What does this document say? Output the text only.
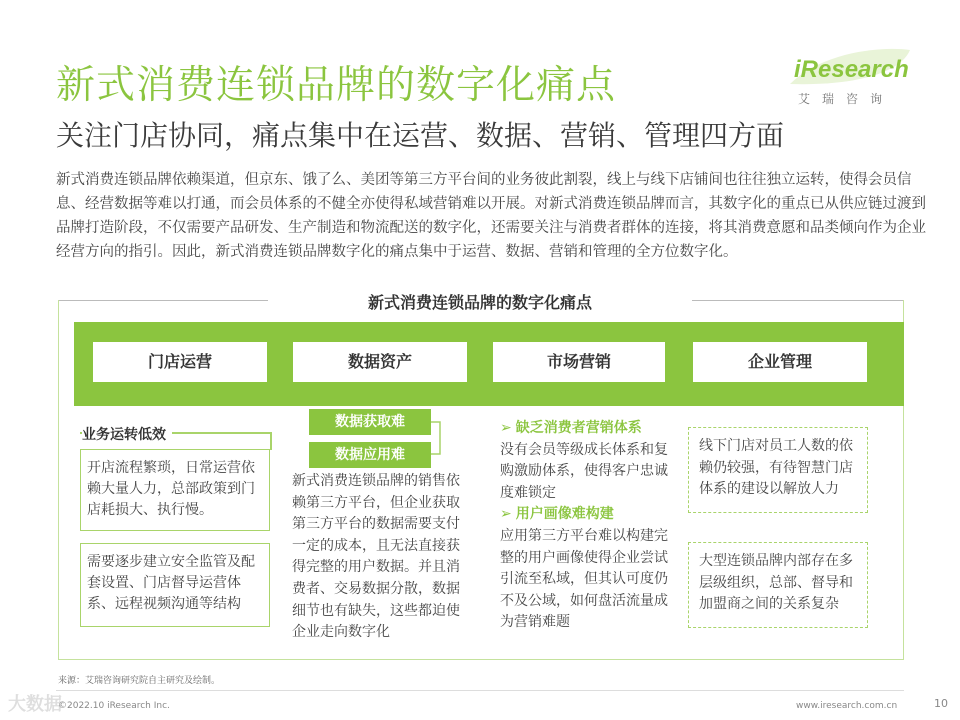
新式消费连锁品牌的数字化痛点
关注门店协同，痛点集中在运营、数据、营销、管理四方面
iResearch
艾瑞咨询
新式消费连锁品牌依赖渠道，但京东、饿了么、美团等第三方平台间的业务彼此割裂，线上与线下店铺间也往往独立运转，使得会员信息、经营数据等难以打通，而会员体系的不健全亦使得私域营销难以开展。对新式消费连锁品牌而言，其数字化的重点已从供应链过渡到品牌打造阶段，不仅需要产品研发、生产制造和物流配送的数字化，还需要关注与消费者群体的连接，将其消费意愿和品类倾向作为企业经营方向的指引。因此，新式消费连锁品牌数字化的痛点集中于运营、数据、营销和管理的全方位数字化。
新式消费连锁品牌的数字化痛点
门店运营	数据资产	市场营销	企业管理
业务运转低效
开店流程繁琐，日常运营依赖大量人力，总部政策到门店耗损大、执行慢。
需要逐步建立安全监管及配套设置、门店督导运营体系、远程视频沟通等结构
数据获取难
数据应用难
新式消费连锁品牌的销售依赖第三方平台，但企业获取第三方平台的数据需要支付一定的成本，且无法直接获得完整的用户数据。并且消费者、交易数据分散，数据细节也有缺失，这些都迫使企业走向数字化
➢ 缺乏消费者营销体系
没有会员等级成长体系和复购激励体系，使得客户忠诚度难锁定
➢ 用户画像难构建
应用第三方平台难以构建完整的用户画像使得企业尝试引流至私域，但其认可度仍不及公域，如何盘活流量成为营销难题
线下门店对员工人数的依赖仍较强，有待智慧门店体系的建设以解放人力
大型连锁品牌内部存在多层级组织，总部、督导和加盟商之间的关系复杂
来源：艾瑞咨询研究院自主研究及绘制。
大数据
©2022.10 iResearch Inc.	www.iresearch.com.cn	10
